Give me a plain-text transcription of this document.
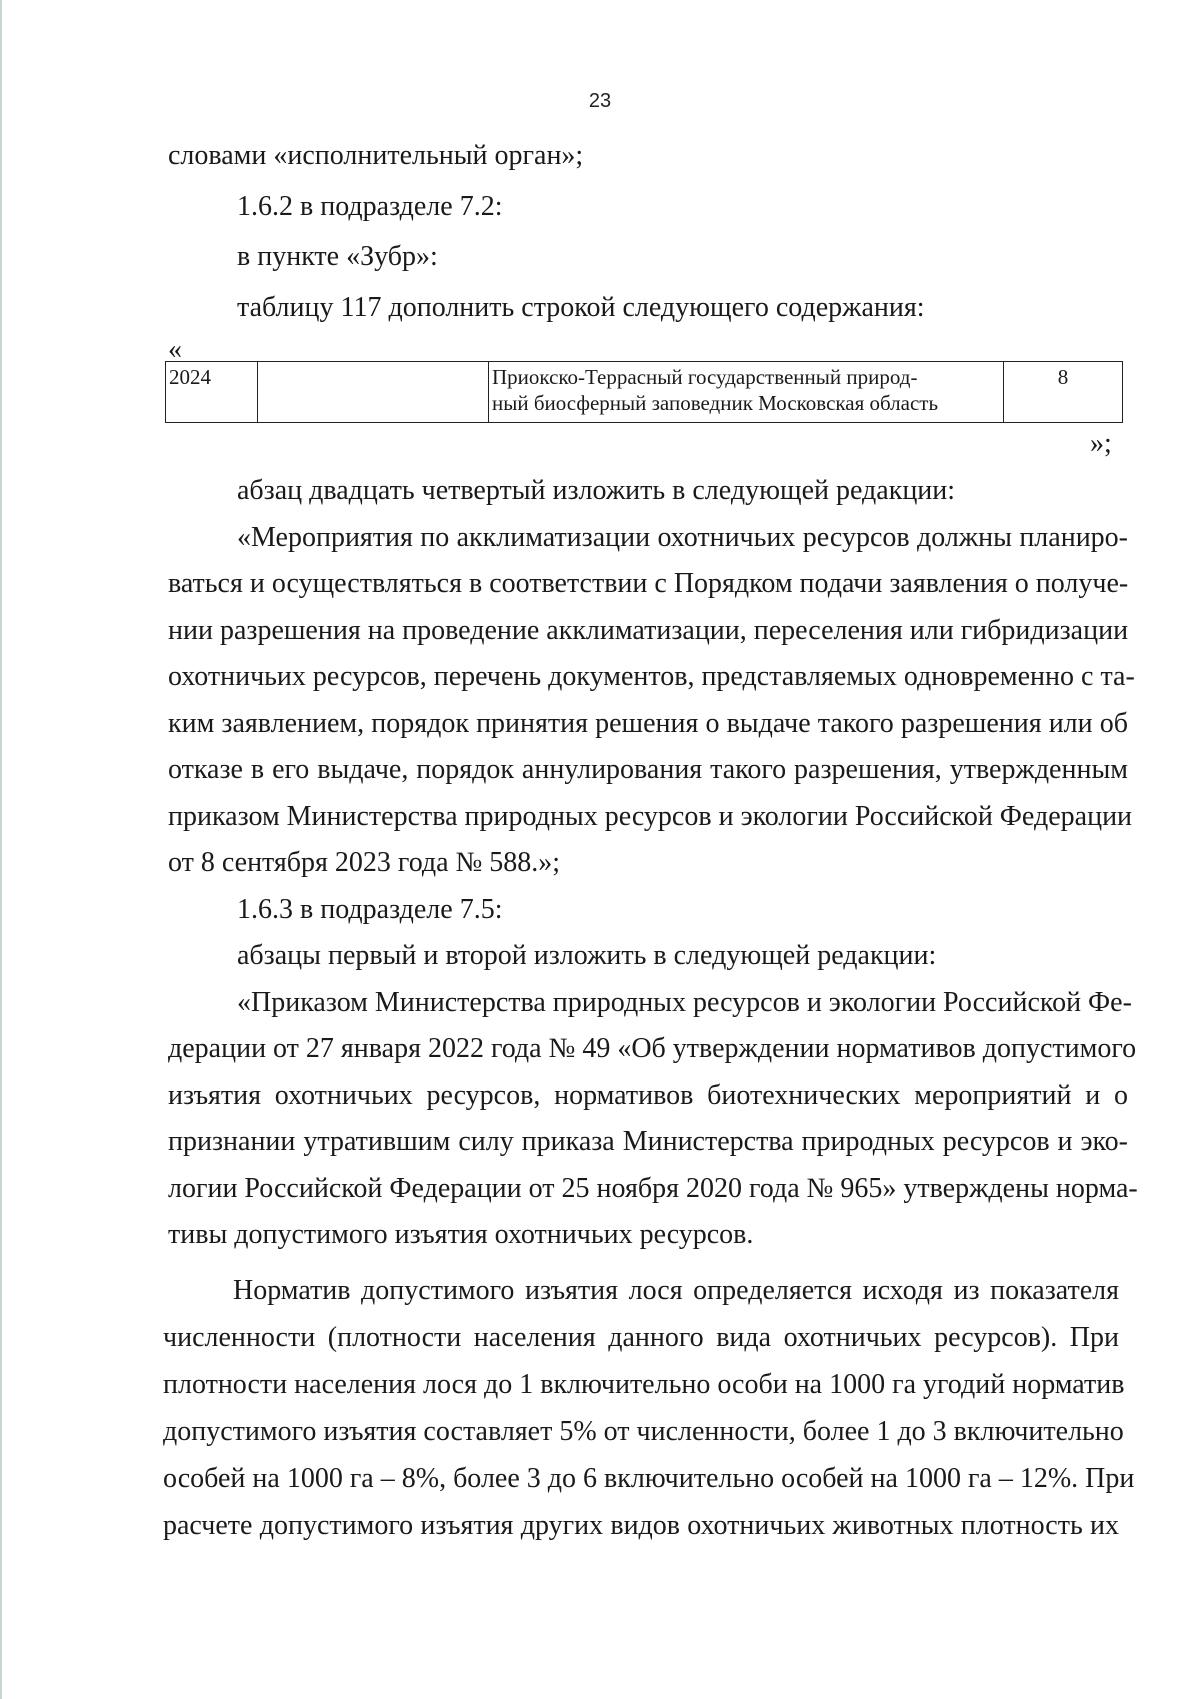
23
словами «исполнительный орган»;
1.6.2 в подразделе 7.2:
в пункте «Зубр»:
таблицу 117 дополнить строкой следующего содержания:
«
2024		Приокско-Террасный государственный природ-
ный биосферный заповедник Московская область
	8
»;
абзац двадцать четвертый изложить в следующей редакции:
«Мероприятия по акклиматизации охотничьих ресурсов должны планиро-
ваться и осуществляться в соответствии с Порядком подачи заявления о получе-
нии разрешения на проведение акклиматизации, переселения или гибридизации
охотничьих ресурсов, перечень документов, представляемых одновременно с та-
ким заявлением, порядок принятия решения о выдаче такого разрешения или об
отказе в его выдаче, порядок аннулирования такого разрешения, утвержденным
приказом Министерства природных ресурсов и экологии Российской Федерации
от 8 сентября 2023 года № 588.»;
1.6.3 в подразделе 7.5:
абзацы первый и второй изложить в следующей редакции:
«Приказом Министерства природных ресурсов и экологии Российской Фе-
дерации от 27 января 2022 года № 49 «Об утверждении нормативов допустимого
изъятия охотничьих ресурсов, нормативов биотехнических мероприятий и о
признании утратившим силу приказа Министерства природных ресурсов и эко-
логии Российской Федерации от 25 ноября 2020 года № 965» утверждены норма-
тивы допустимого изъятия охотничьих ресурсов.
Норматив допустимого изъятия лося определяется исходя из показателя
численности (плотности населения данного вида охотничьих ресурсов). При
плотности населения лося до 1 включительно особи на 1000 га угодий норматив
допустимого изъятия составляет 5% от численности, более 1 до 3 включительно
особей на 1000 га – 8%, более 3 до 6 включительно особей на 1000 га – 12%. При
расчете допустимого изъятия других видов охотничьих животных плотность их
